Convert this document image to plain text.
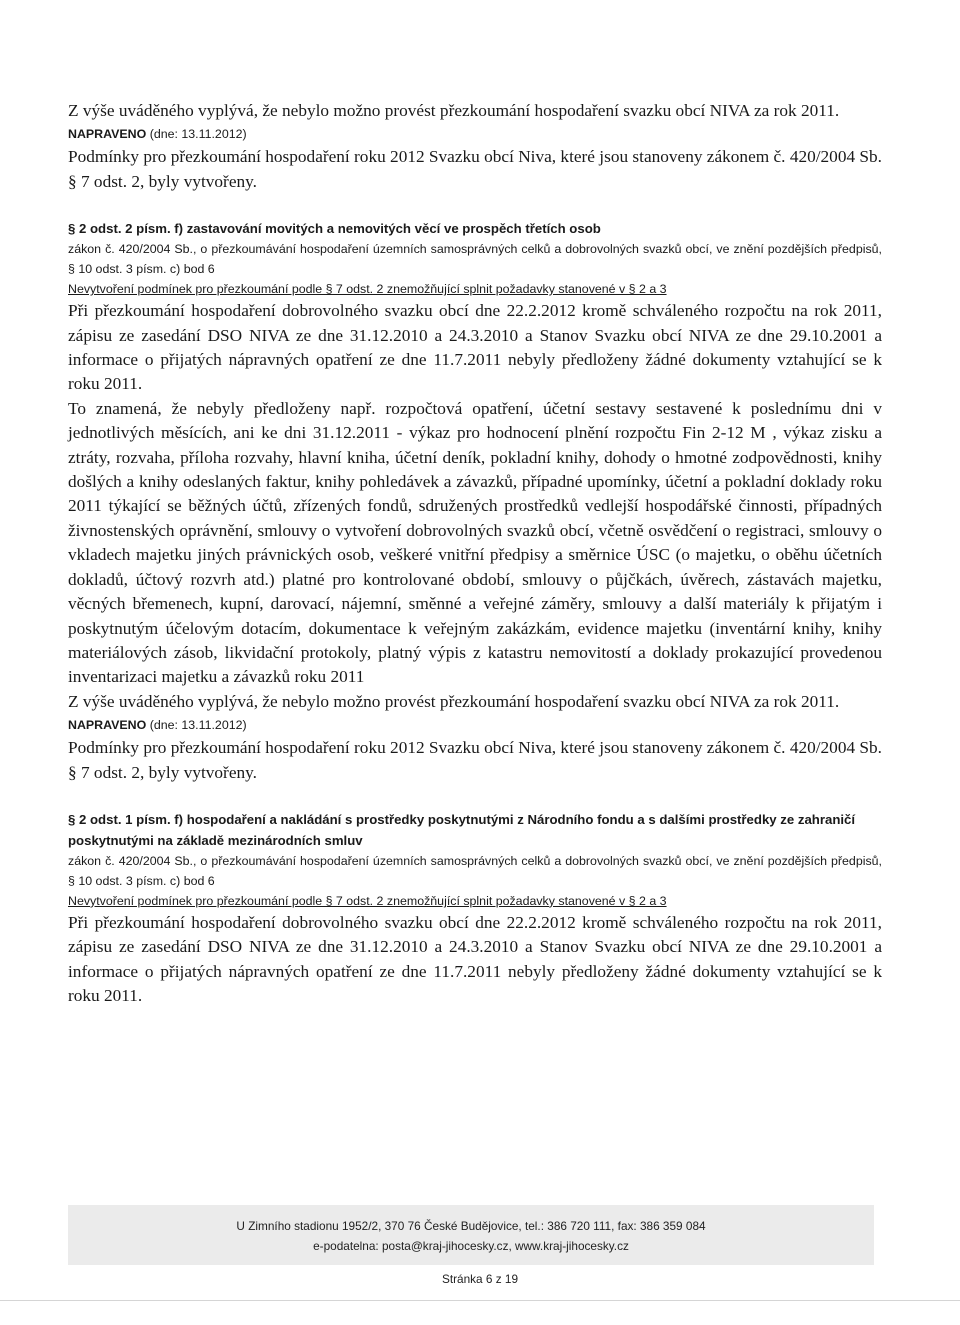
Z výše uváděného vyplývá, že nebylo možno provést přezkoumání hospodaření svazku obcí NIVA za rok 2011.
NAPRAVENO (dne: 13.11.2012)
Podmínky pro přezkoumání hospodaření roku 2012 Svazku obcí Niva, které jsou stanoveny zákonem č. 420/2004 Sb. § 7 odst. 2, byly vytvořeny.
§ 2 odst. 2 písm. f) zastavování movitých a nemovitých věcí ve prospěch třetích osob
zákon č. 420/2004 Sb., o přezkoumávání hospodaření územních samosprávných celků a dobrovolných svazků obcí, ve znění pozdějších předpisů, § 10 odst. 3 písm. c) bod 6
Nevytvoření podmínek pro přezkoumání podle § 7 odst. 2 znemožňující splnit požadavky stanovené v § 2 a 3
Při přezkoumání hospodaření dobrovolného svazku obcí dne 22.2.2012 kromě schváleného rozpočtu na rok 2011, zápisu ze zasedání DSO NIVA ze dne 31.12.2010 a 24.3.2010 a Stanov Svazku obcí NIVA ze dne 29.10.2001 a informace o přijatých nápravných opatření ze dne 11.7.2011 nebyly předloženy žádné dokumenty vztahující se k roku 2011.
To znamená, že nebyly předloženy např. rozpočtová opatření, účetní sestavy sestavené k poslednímu dni v jednotlivých měsících, ani ke dni 31.12.2011 - výkaz pro hodnocení plnění rozpočtu Fin 2-12 M , výkaz zisku a ztráty, rozvaha, příloha rozvahy, hlavní kniha, účetní deník, pokladní knihy, dohody o hmotné zodpovědnosti, knihy došlých a knihy odeslaných faktur, knihy pohledávek a závazků, případné upomínky, účetní a pokladní doklady roku 2011 týkající se běžných účtů, zřízených fondů, sdružených prostředků vedlejší hospodářské činnosti, případných živnostenských oprávnění, smlouvy o vytvoření dobrovolných svazků obcí, včetně osvědčení o registraci, smlouvy o vkladech majetku jiných právnických osob, veškeré vnitřní předpisy a směrnice ÚSC (o majetku, o oběhu účetních dokladů, účtový rozvrh atd.) platné pro kontrolované období, smlouvy o půjčkách, úvěrech, zástavách majetku, věcných břemenech, kupní, darovací, nájemní, směnné a veřejné záměry, smlouvy a další materiály k přijatým i poskytnutým účelovým dotacím, dokumentace k veřejným zakázkám, evidence majetku (inventární knihy, knihy materiálových zásob, likvidační protokoly, platný výpis z katastru nemovitostí a doklady prokazující provedenou inventarizaci majetku a závazků roku 2011
Z výše uváděného vyplývá, že nebylo možno provést přezkoumání hospodaření svazku obcí NIVA za rok 2011.
NAPRAVENO (dne: 13.11.2012)
Podmínky pro přezkoumání hospodaření roku 2012 Svazku obcí Niva, které jsou stanoveny zákonem č. 420/2004 Sb. § 7 odst. 2, byly vytvořeny.
§ 2 odst. 1 písm. f) hospodaření a nakládání s prostředky poskytnutými z Národního fondu a s dalšími prostředky ze zahraničí poskytnutými na základě mezinárodních smluv
zákon č. 420/2004 Sb., o přezkoumávání hospodaření územních samosprávných celků a dobrovolných svazků obcí, ve znění pozdějších předpisů, § 10 odst. 3 písm. c) bod 6
Nevytvoření podmínek pro přezkoumání podle § 7 odst. 2 znemožňující splnit požadavky stanovené v § 2 a 3
Při přezkoumání hospodaření dobrovolného svazku obcí dne 22.2.2012 kromě schváleného rozpočtu na rok 2011, zápisu ze zasedání DSO NIVA ze dne 31.12.2010 a 24.3.2010 a Stanov Svazku obcí NIVA ze dne 29.10.2001 a informace o přijatých nápravných opatření ze dne 11.7.2011 nebyly předloženy žádné dokumenty vztahující se k roku 2011.
U Zimního stadionu 1952/2, 370 76 České Budějovice, tel.: 386 720 111, fax: 386 359 084
e-podatelna: posta@kraj-jihocesky.cz, www.kraj-jihocesky.cz
Stránka 6 z 19
